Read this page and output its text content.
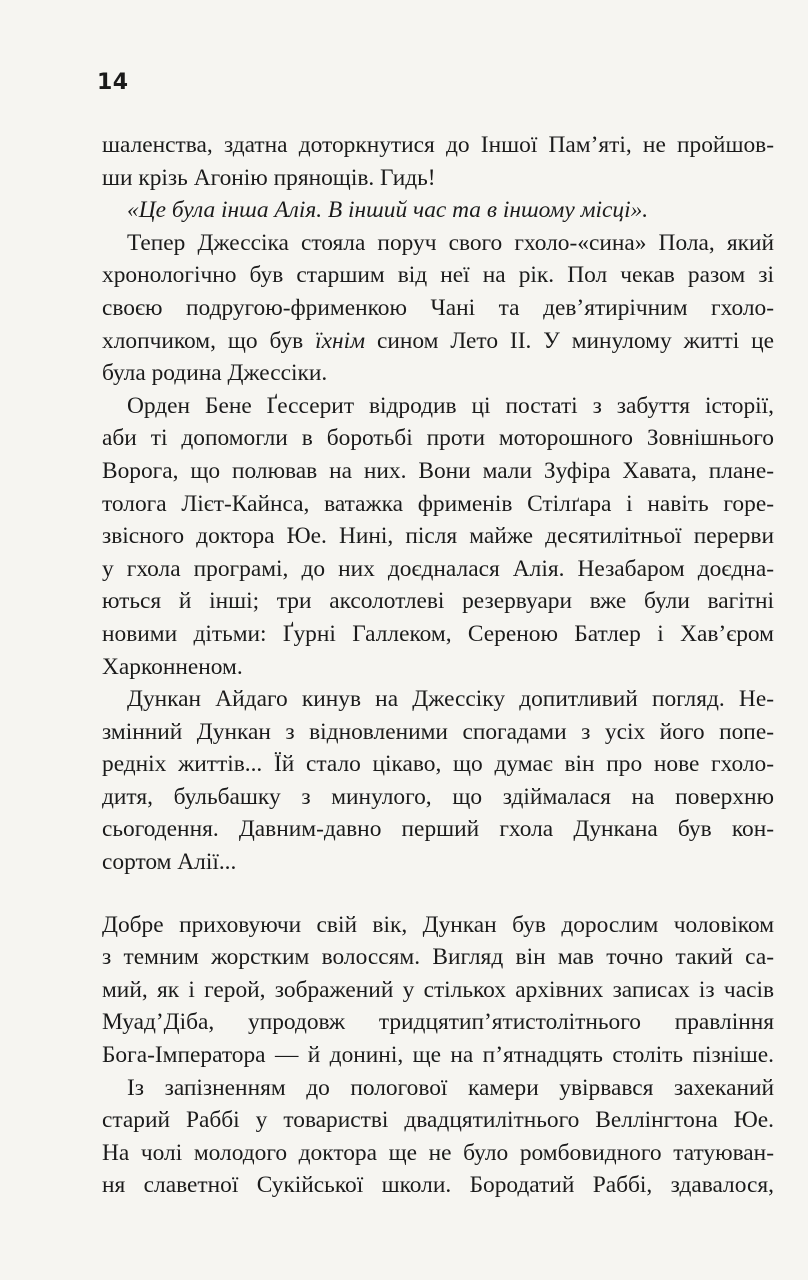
14

шаленства, здатна доторкнутися до Іншої Пам’яті, не пройшов-
ши крізь Агонію прянощів. Гидь!

«Це була інша Алія. В інший час та в іншому місці».

Тепер Джессіка стояла поруч свого гхоло-«сина» Пола, який
хронологічно був старшим від неї на рік. Пол чекав разом зі
своєю подругою-фрименкою Чані та дев’ятирічним гхоло-
хлопчиком, що був їхнім сином Лето II. У минулому житті це
була родина Джессіки.

Орден Бене Ґессерит відродив ці постаті з забуття історії,
аби ті допомогли в боротьбі проти моторошного Зовнішнього
Ворога, що полював на них. Вони мали Зуфіра Хавата, плане-
толога Лієт-Кайнса, ватажка фрименів Стілґара і навіть горе-
звісного доктора Юе. Нині, після майже десятилітньої перерви
у гхола програмі, до них доєдналася Алія. Незабаром доєдна-
ються й інші; три аксолотлеві резервуари вже були вагітні
новими дітьми: Ґурні Галлеком, Сереною Батлер і Хав’єром
Харконненом.

Дункан Айдаго кинув на Джессіку допитливий погляд. Не-
змінний Дункан з відновленими спогадами з усіх його попе-
редніх життів... Їй стало цікаво, що думає він про нове гхоло-
дитя, бульбашку з минулого, що здіймалася на поверхню
сьогодення. Давним-давно перший гхола Дункана був кон-
сортом Алії...

Добре приховуючи свій вік, Дункан був дорослим чоловіком
з темним жорстким волоссям. Вигляд він мав точно такий са-
мий, як і герой, зображений у стількох архівних записах із часів
Муад’Діба, упродовж тридцятип’ятистолітнього правління
Бога-Імператора — й донині, ще на п’ятнадцять століть пізніше.

Із запізненням до пологової камери увірвався захеканий
старий Раббі у товаристві двадцятилітнього Веллінгтона Юе.
На чолі молодого доктора ще не було ромбовидного татуюван-
ня славетної Сукійської школи. Бородатий Раббі, здавалося,
